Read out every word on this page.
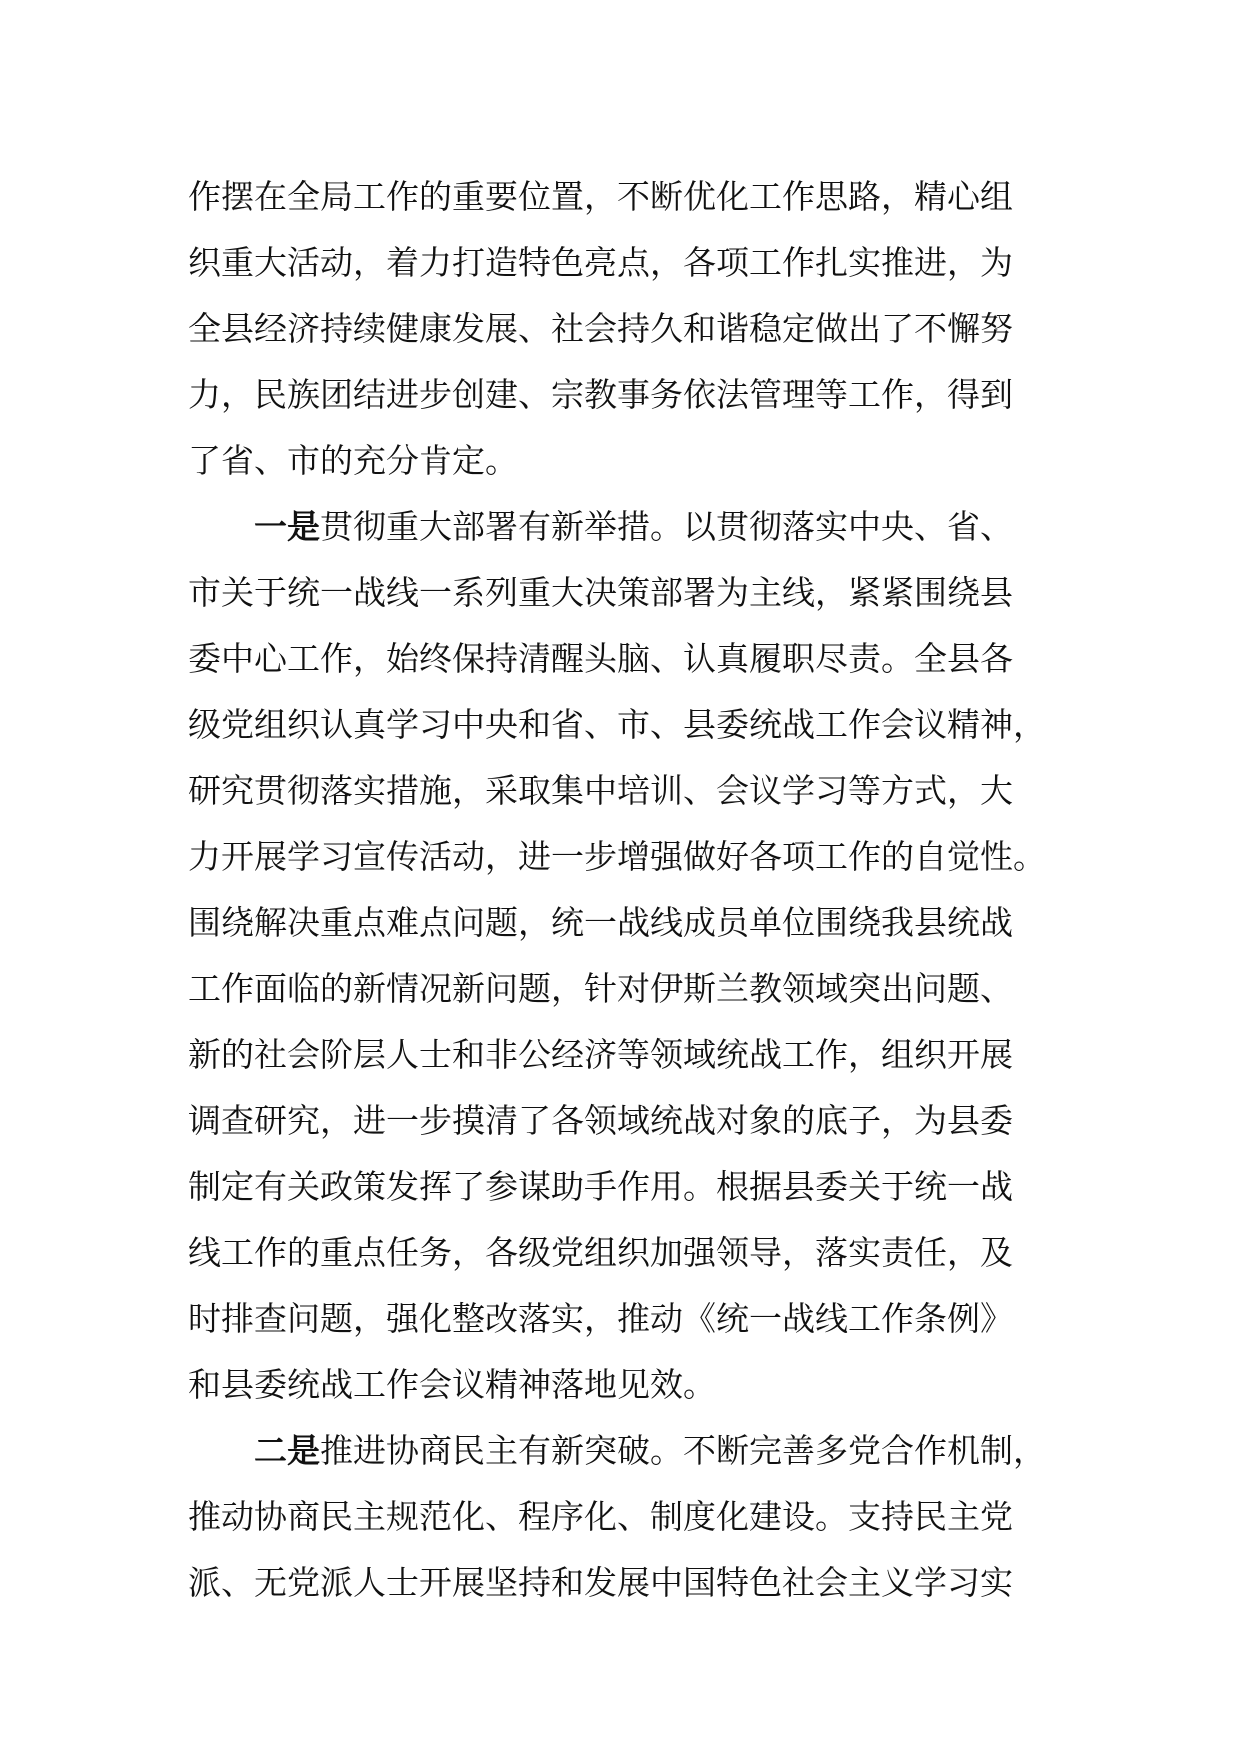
作摆在全局工作的重要位置，不断优化工作思路，精心组
织重大活动，着力打造特色亮点，各项工作扎实推进，为
全县经济持续健康发展、社会持久和谐稳定做出了不懈努
力，民族团结进步创建、宗教事务依法管理等工作，得到
了省、市的充分肯定。
一是贯彻重大部署有新举措。以贯彻落实中央、省、
市关于统一战线一系列重大决策部署为主线，紧紧围绕县
委中心工作，始终保持清醒头脑、认真履职尽责。全县各
级党组织认真学习中央和省、市、县委统战工作会议精神，
研究贯彻落实措施，采取集中培训、会议学习等方式，大
力开展学习宣传活动，进一步增强做好各项工作的自觉性。
围绕解决重点难点问题，统一战线成员单位围绕我县统战
工作面临的新情况新问题，针对伊斯兰教领域突出问题、
新的社会阶层人士和非公经济等领域统战工作，组织开展
调查研究，进一步摸清了各领域统战对象的底子，为县委
制定有关政策发挥了参谋助手作用。根据县委关于统一战
线工作的重点任务，各级党组织加强领导，落实责任，及
时排查问题，强化整改落实，推动《统一战线工作条例》
和县委统战工作会议精神落地见效。
二是推进协商民主有新突破。不断完善多党合作机制，
推动协商民主规范化、程序化、制度化建设。支持民主党
派、无党派人士开展坚持和发展中国特色社会主义学习实
